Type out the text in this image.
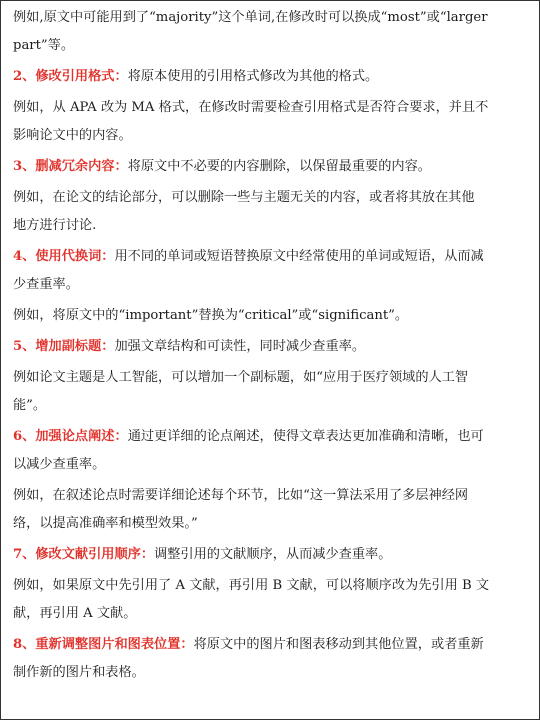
例如,原文中可能用到了“majority”这个单词,在修改时可以换成“most”或“larger

part”等。

2、修改引用格式：将原本使用的引用格式修改为其他的格式。

例如，从 APA 改为 MA 格式，在修改时需要检查引用格式是否符合要求，并且不

影响论文中的内容。

3、删减冗余内容：将原文中不必要的内容删除，以保留最重要的内容。

例如，在论文的结论部分，可以删除一些与主题无关的内容，或者将其放在其他

地方进行讨论.

4、使用代换词：用不同的单词或短语替换原文中经常使用的单词或短语，从而减

少查重率。

例如，将原文中的“important”替换为“critical”或“significant”。

5、增加副标题：加强文章结构和可读性，同时减少查重率。

例如论文主题是人工智能，可以增加一个副标题，如“应用于医疗领域的人工智

能”。

6、加强论点阐述：通过更详细的论点阐述，使得文章表达更加准确和清晰，也可

以减少查重率。

例如，在叙述论点时需要详细论述每个环节，比如“这一算法采用了多层神经网

络，以提高准确率和模型效果。”

7、修改文献引用顺序：调整引用的文献顺序，从而减少查重率。

例如，如果原文中先引用了 A 文献，再引用 B 文献，可以将顺序改为先引用 B 文

献，再引用 A 文献。

8、重新调整图片和图表位置：将原文中的图片和图表移动到其他位置，或者重新

制作新的图片和表格。
